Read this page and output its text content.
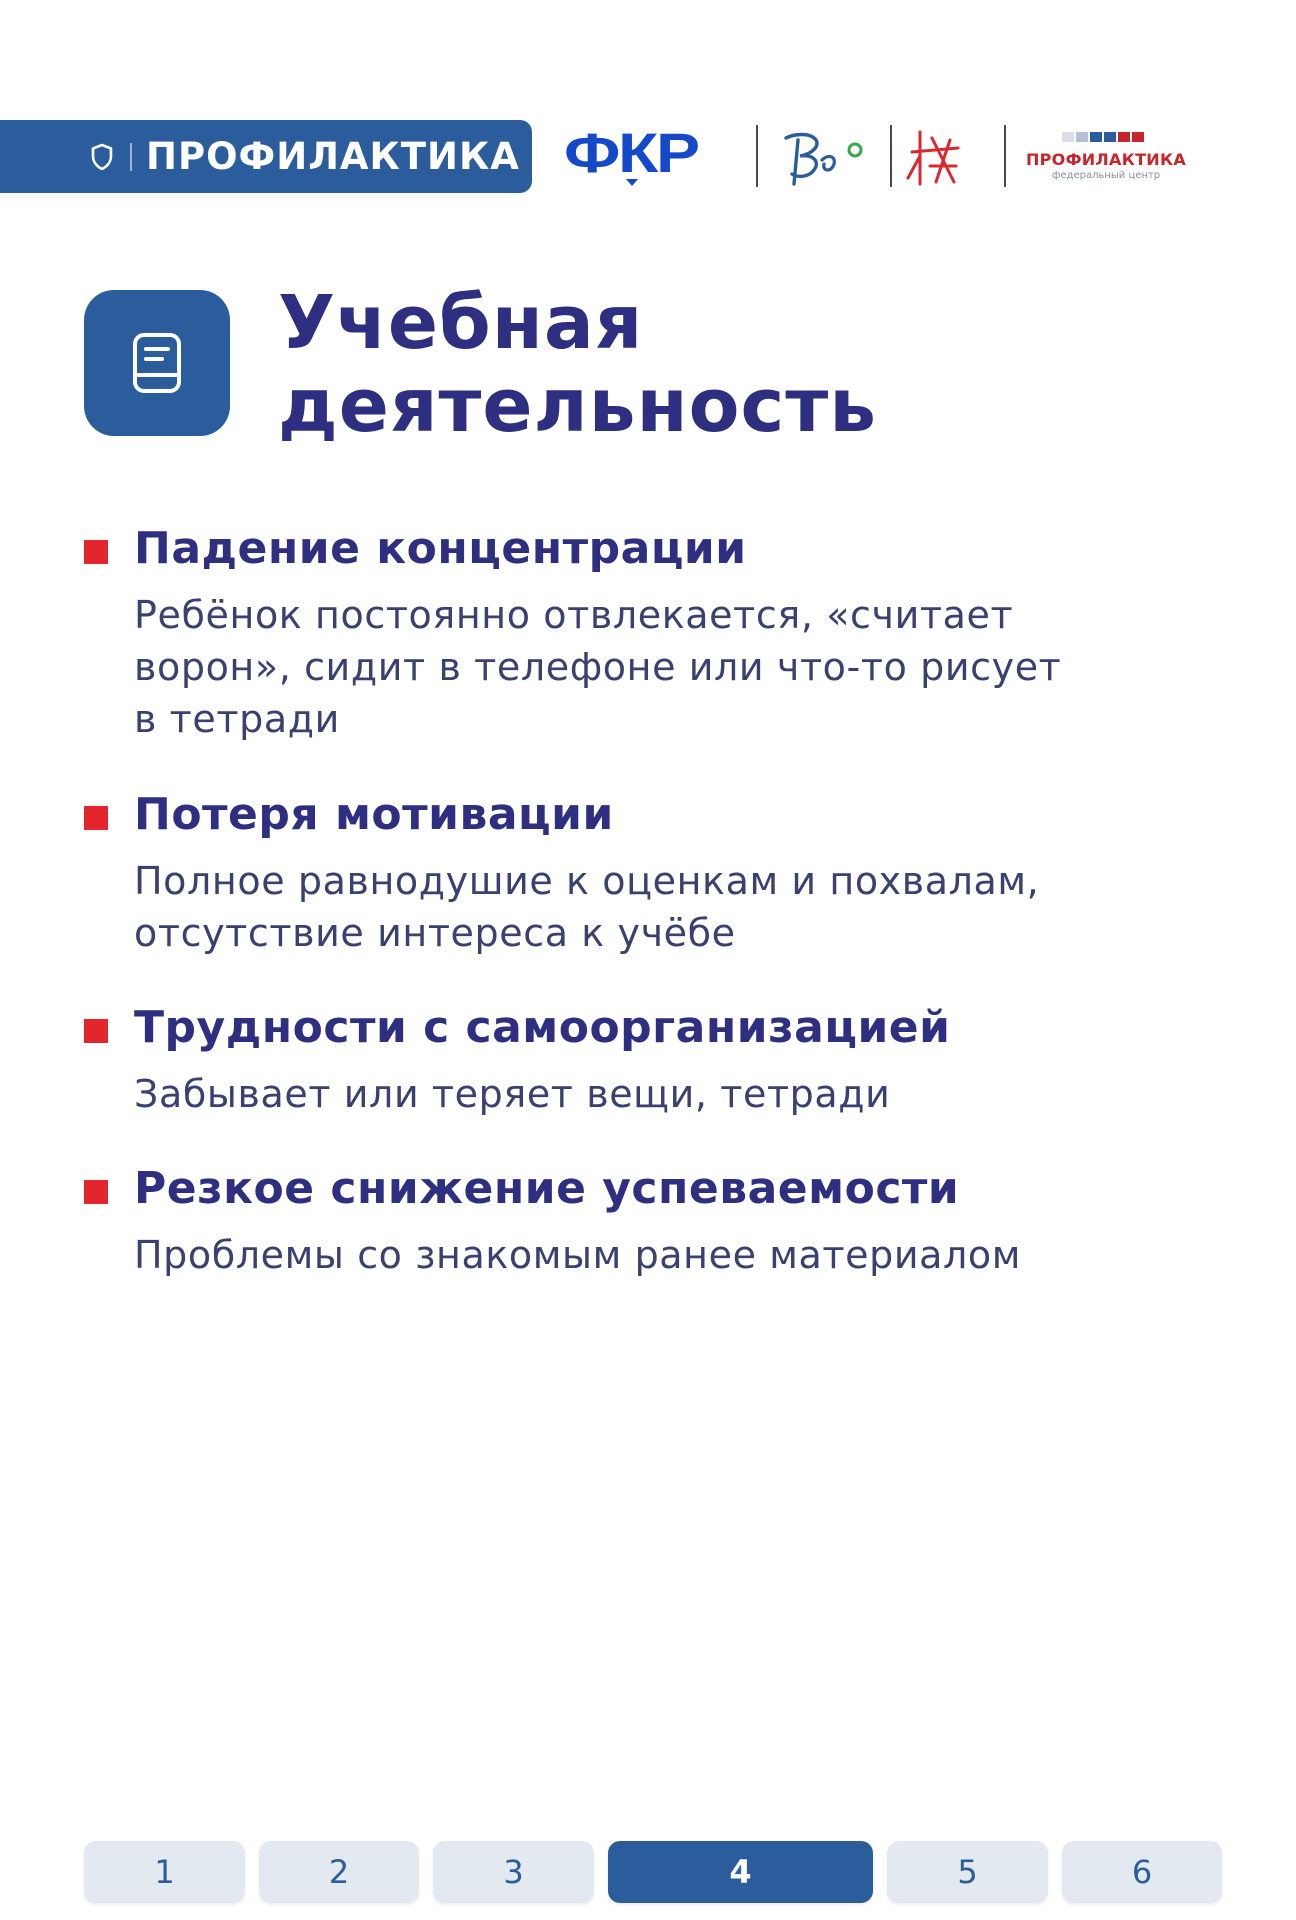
ПРОФИЛАКТИКА ФКР	ПРОФИЛАКТИКА
федеральный центр
Учебная
деятельность
Падение концентрации

Ребёнок постоянно отвлекается, «считает
ворон», сидит в телефоне или что-то рисует
в тетради

Потеря мотивации

Полное равнодушие к оценкам и похвалам,
отсутствие интереса к учёбе

Трудности с самоорганизацией

Забывает или теряет вещи, тетради

Резкое снижение успеваемости

Проблемы со знакомым ранее материалом

1	2	3	4	5	6
